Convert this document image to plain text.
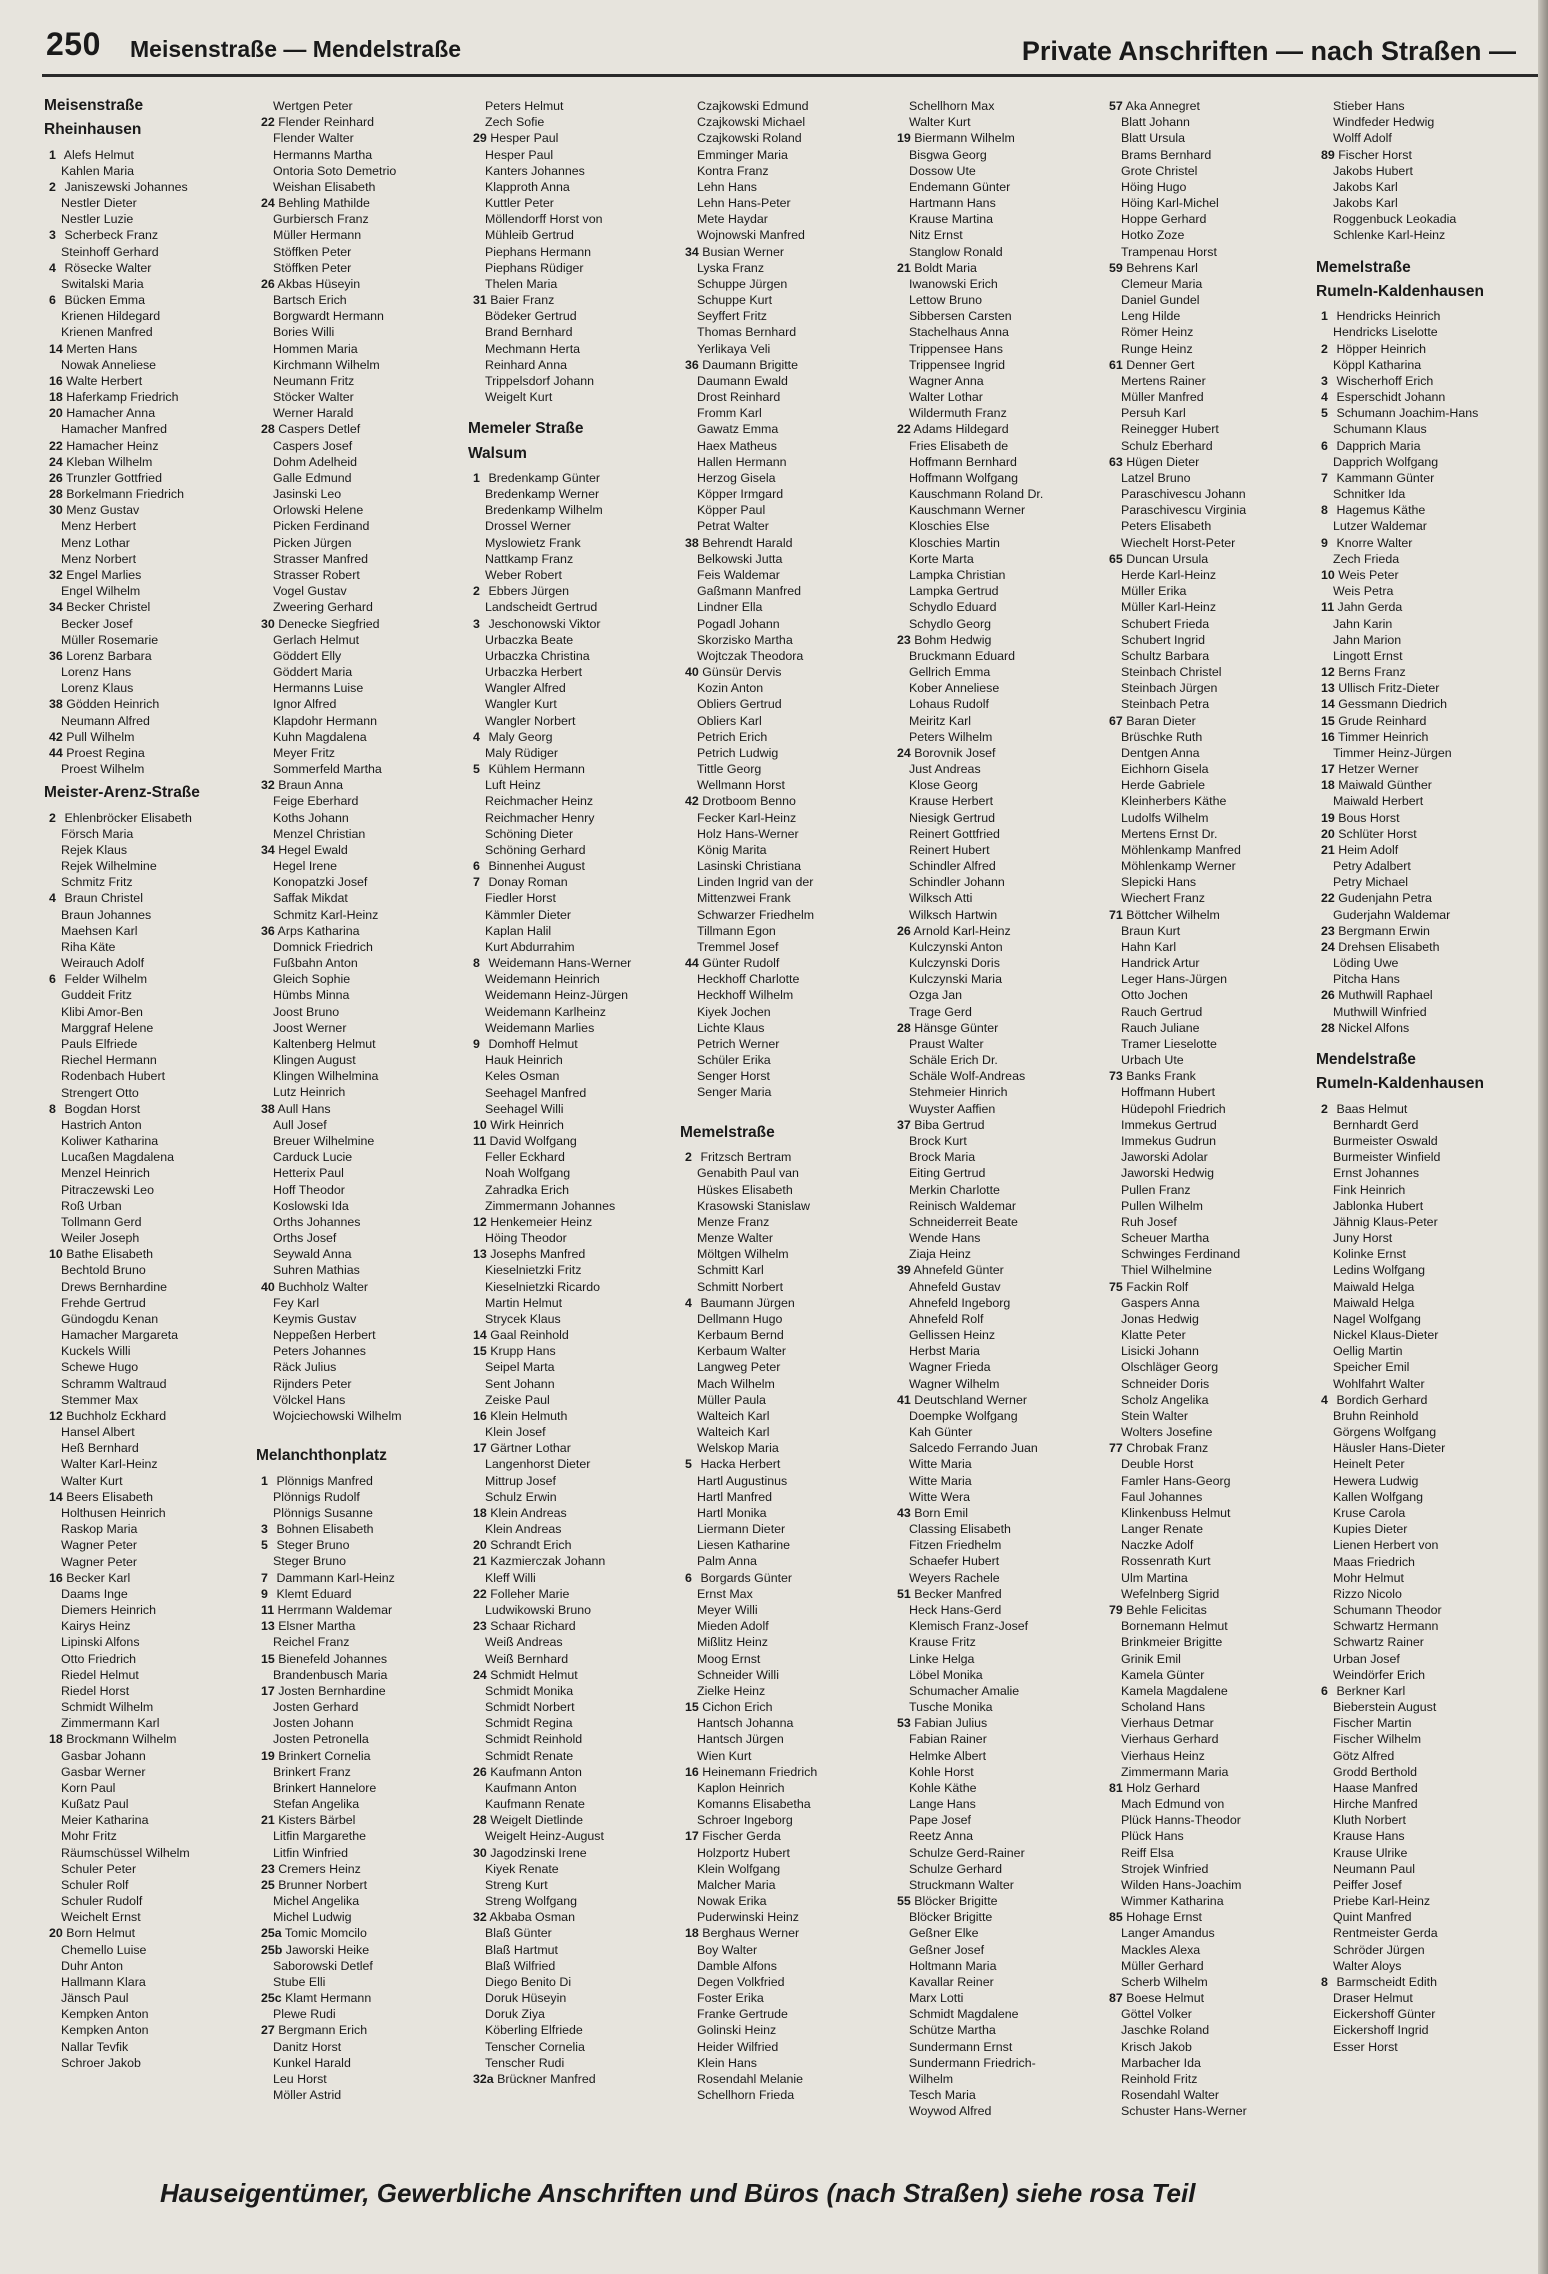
250 Meisenstraße — Mendelstraße	Private Anschriften — nach Straßen —
Meisenstraße
Rheinhausen
1 Alefs Helmut
Kahlen Maria
2 Janiszewski Johannes
Nestler Dieter
Nestler Luzie
3 Scherbeck Franz
Steinhoff Gerhard
4 Rösecke Walter
Switalski Maria
6 Bücken Emma
Krienen Hildegard
Krienen Manfred
14 Merten Hans
Nowak Anneliese
16 Walte Herbert
18 Haferkamp Friedrich
20 Hamacher Anna
Hamacher Manfred
22 Hamacher Heinz
24 Kleban Wilhelm
26 Trunzler Gottfried
28 Borkelmann Friedrich
30 Menz Gustav
Menz Herbert
Menz Lothar
Menz Norbert
32 Engel Marlies
Engel Wilhelm
34 Becker Christel
Becker Josef
Müller Rosemarie
36 Lorenz Barbara
Lorenz Hans
Lorenz Klaus
38 Gödden Heinrich
Neumann Alfred
42 Pull Wilhelm
44 Proest Regina
Proest Wilhelm
Meister-Arenz-Straße
2 Ehlenbröcker Elisabeth
Försch Maria
Rejek Klaus
Rejek Wilhelmine
Schmitz Fritz
4 Braun Christel
Braun Johannes
Maehsen Karl
Riha Käte
Weirauch Adolf
6 Felder Wilhelm
Guddeit Fritz
Klibi Amor-Ben
Marggraf Helene
Pauls Elfriede
Riechel Hermann
Rodenbach Hubert
Strengert Otto
8 Bogdan Horst
Hastrich Anton
Koliwer Katharina
Lucaßen Magdalena
Menzel Heinrich
Pitraczewski Leo
Roß Urban
Tollmann Gerd
Weiler Joseph
10 Bathe Elisabeth
Bechtold Bruno
Drews Bernhardine
Frehde Gertrud
Gündogdu Kenan
Hamacher Margareta
Kuckels Willi
Schewe Hugo
Schramm Waltraud
Stemmer Max
12 Buchholz Eckhard
Hansel Albert
Heß Bernhard
Walter Karl-Heinz
Walter Kurt
14 Beers Elisabeth
Holthusen Heinrich
Raskop Maria
Wagner Peter
Wagner Peter
16 Becker Karl
Daams Inge
Diemers Heinrich
Kairys Heinz
Lipinski Alfons
Otto Friedrich
Riedel Helmut
Riedel Horst
Schmidt Wilhelm
Zimmermann Karl
18 Brockmann Wilhelm
Gasbar Johann
Gasbar Werner
Korn Paul
Kußatz Paul
Meier Katharina
Mohr Fritz
Räumschüssel Wilhelm
Schuler Peter
Schuler Rolf
Schuler Rudolf
Weichelt Ernst
20 Born Helmut
Chemello Luise
Duhr Anton
Hallmann Klara
Jänsch Paul
Kempken Anton
Kempken Anton
Nallar Tevfik
Schroer Jakob
Wertgen Peter
22 Flender Reinhard
Flender Walter
Hermanns Martha
Ontoria Soto Demetrio
Weishan Elisabeth
24 Behling Mathilde
Gurbiersch Franz
Müller Hermann
Stöffken Peter
Stöffken Peter
26 Akbas Hüseyin
Bartsch Erich
Borgwardt Hermann
Bories Willi
Hommen Maria
Kirchmann Wilhelm
Neumann Fritz
Stöcker Walter
Werner Harald
28 Caspers Detlef
Caspers Josef
Dohm Adelheid
Galle Edmund
Jasinski Leo
Orlowski Helene
Picken Ferdinand
Picken Jürgen
Strasser Manfred
Strasser Robert
Vogel Gustav
Zweering Gerhard
30 Denecke Siegfried
Gerlach Helmut
Göddert Elly
Göddert Maria
Hermanns Luise
Ignor Alfred
Klapdohr Hermann
Kuhn Magdalena
Meyer Fritz
Sommerfeld Martha
32 Braun Anna
Feige Eberhard
Koths Johann
Menzel Christian
34 Hegel Ewald
Hegel Irene
Konopatzki Josef
Saffak Mikdat
Schmitz Karl-Heinz
36 Arps Katharina
Domnick Friedrich
Fußbahn Anton
Gleich Sophie
Hümbs Minna
Joost Bruno
Joost Werner
Kaltenberg Helmut
Klingen August
Klingen Wilhelmina
Lutz Heinrich
38 Aull Hans
Aull Josef
Breuer Wilhelmine
Carduck Lucie
Hetterix Paul
Hoff Theodor
Koslowski Ida
Orths Johannes
Orths Josef
Seywald Anna
Suhren Mathias
40 Buchholz Walter
Fey Karl
Keymis Gustav
Neppeßen Herbert
Peters Johannes
Räck Julius
Rijnders Peter
Völckel Hans
Wojciechowski Wilhelm
Melanchthonplatz
1 Plönnigs Manfred
Plönnigs Rudolf
Plönnigs Susanne
3 Bohnen Elisabeth
5 Steger Bruno
Steger Bruno
7 Dammann Karl-Heinz
9 Klemt Eduard
11 Herrmann Waldemar
13 Elsner Martha
Reichel Franz
15 Bienefeld Johannes
Brandenbusch Maria
17 Josten Bernhardine
Josten Gerhard
Josten Johann
Josten Petronella
19 Brinkert Cornelia
Brinkert Franz
Brinkert Hannelore
Stefan Angelika
21 Kisters Bärbel
Litfin Margarethe
Litfin Winfried
23 Cremers Heinz
25 Brunner Norbert
Michel Angelika
Michel Ludwig
25a Tomic Momcilo
25b Jaworski Heike
Saborowski Detlef
Stube Elli
25c Klamt Hermann
Plewe Rudi
27 Bergmann Erich
Danitz Horst
Kunkel Harald
Leu Horst
Möller Astrid
Peters Helmut
Zech Sofie
29 Hesper Paul
Hesper Paul
Kanters Johannes
Klapproth Anna
Kuttler Peter
Möllendorff Horst von
Mühleib Gertrud
Piephans Hermann
Piephans Rüdiger
Thelen Maria
31 Baier Franz
Bödeker Gertrud
Brand Bernhard
Mechmann Herta
Reinhard Anna
Trippelsdorf Johann
Weigelt Kurt
Memeler Straße
Walsum
1 Bredenkamp Günter
Bredenkamp Werner
Bredenkamp Wilhelm
Drossel Werner
Myslowietz Frank
Nattkamp Franz
Weber Robert
2 Ebbers Jürgen
Landscheidt Gertrud
3 Jeschonowski Viktor
Urbaczka Beate
Urbaczka Christina
Urbaczka Herbert
Wangler Alfred
Wangler Kurt
Wangler Norbert
4 Maly Georg
Maly Rüdiger
5 Kühlem Hermann
Luft Heinz
Reichmacher Heinz
Reichmacher Henry
Schöning Dieter
Schöning Gerhard
6 Binnenhei August
7 Donay Roman
Fiedler Horst
Kämmler Dieter
Kaplan Halil
Kurt Abdurrahim
8 Weidemann Hans-Werner
Weidemann Heinrich
Weidemann Heinz-Jürgen
Weidemann Karlheinz
Weidemann Marlies
9 Domhoff Helmut
Hauk Heinrich
Keles Osman
Seehagel Manfred
Seehagel Willi
10 Wirk Heinrich
11 David Wolfgang
Feller Eckhard
Noah Wolfgang
Zahradka Erich
Zimmermann Johannes
12 Henkemeier Heinz
Höing Theodor
13 Josephs Manfred
Kieselnietzki Fritz
Kieselnietzki Ricardo
Martin Helmut
Strycek Klaus
14 Gaal Reinhold
15 Krupp Hans
Seipel Marta
Sent Johann
Zeiske Paul
16 Klein Helmuth
Klein Josef
17 Gärtner Lothar
Langenhorst Dieter
Mittrup Josef
Schulz Erwin
18 Klein Andreas
Klein Andreas
20 Schrandt Erich
21 Kazmierczak Johann
Kleff Willi
22 Folleher Marie
Ludwikowski Bruno
23 Schaar Richard
Weiß Andreas
Weiß Bernhard
24 Schmidt Helmut
Schmidt Monika
Schmidt Norbert
Schmidt Regina
Schmidt Reinhold
Schmidt Renate
26 Kaufmann Anton
Kaufmann Anton
Kaufmann Renate
28 Weigelt Dietlinde
Weigelt Heinz-August
30 Jagodzinski Irene
Kiyek Renate
Streng Kurt
Streng Wolfgang
32 Akbaba Osman
Blaß Günter
Blaß Hartmut
Blaß Wilfried
Diego Benito Di
Doruk Hüseyin
Doruk Ziya
Köberling Elfriede
Tenscher Cornelia
Tenscher Rudi
32a Brückner Manfred
Czajkowski Edmund
Czajkowski Michael
Czajkowski Roland
Emminger Maria
Kontra Franz
Lehn Hans
Lehn Hans-Peter
Mete Haydar
Wojnowski Manfred
34 Busian Werner
Lyska Franz
Schuppe Jürgen
Schuppe Kurt
Seyffert Fritz
Thomas Bernhard
Yerlikaya Veli
36 Daumann Brigitte
Daumann Ewald
Drost Reinhard
Fromm Karl
Gawatz Emma
Haex Matheus
Hallen Hermann
Herzog Gisela
Köpper Irmgard
Köpper Paul
Petrat Walter
38 Behrendt Harald
Belkowski Jutta
Feis Waldemar
Gaßmann Manfred
Lindner Ella
Pogadl Johann
Skorzisko Martha
Wojtczak Theodora
40 Günsür Dervis
Kozin Anton
Obliers Gertrud
Obliers Karl
Petrich Erich
Petrich Ludwig
Tittle Georg
Wellmann Horst
42 Drotboom Benno
Fecker Karl-Heinz
Holz Hans-Werner
König Marita
Lasinski Christiana
Linden Ingrid van der
Mittenzwei Frank
Schwarzer Friedhelm
Tillmann Egon
Tremmel Josef
44 Günter Rudolf
Heckhoff Charlotte
Heckhoff Wilhelm
Kiyek Jochen
Lichte Klaus
Petrich Werner
Schüler Erika
Senger Horst
Senger Maria
Memelstraße
2 Fritzsch Bertram
Genabith Paul van
Hüskes Elisabeth
Krasowski Stanislaw
Menze Franz
Menze Walter
Möltgen Wilhelm
Schmitt Karl
Schmitt Norbert
4 Baumann Jürgen
Dellmann Hugo
Kerbaum Bernd
Kerbaum Walter
Langweg Peter
Mach Wilhelm
Müller Paula
Walteich Karl
Walteich Karl
Welskop Maria
5 Hacka Herbert
Hartl Augustinus
Hartl Manfred
Hartl Monika
Liermann Dieter
Liesen Katharine
Palm Anna
6 Borgards Günter
Ernst Max
Meyer Willi
Mieden Adolf
Mißlitz Heinz
Moog Ernst
Schneider Willi
Zielke Heinz
15 Cichon Erich
Hantsch Johanna
Hantsch Jürgen
Wien Kurt
16 Heinemann Friedrich
Kaplon Heinrich
Komanns Elisabetha
Schroer Ingeborg
17 Fischer Gerda
Holzportz Hubert
Klein Wolfgang
Malcher Maria
Nowak Erika
Puderwinski Heinz
18 Berghaus Werner
Boy Walter
Damble Alfons
Degen Volkfried
Foster Erika
Franke Gertrude
Golinski Heinz
Heider Wilfried
Klein Hans
Rosendahl Melanie
Schellhorn Frieda
Schellhorn Max
Walter Kurt
19 Biermann Wilhelm
Bisgwa Georg
Dossow Ute
Endemann Günter
Hartmann Hans
Krause Martina
Nitz Ernst
Stanglow Ronald
21 Boldt Maria
Iwanowski Erich
Lettow Bruno
Sibbersen Carsten
Stachelhaus Anna
Trippensee Hans
Trippensee Ingrid
Wagner Anna
Walter Lothar
Wildermuth Franz
22 Adams Hildegard
Fries Elisabeth de
Hoffmann Bernhard
Hoffmann Wolfgang
Kauschmann Roland Dr.
Kauschmann Werner
Kloschies Else
Kloschies Martin
Korte Marta
Lampka Christian
Lampka Gertrud
Schydlo Eduard
Schydlo Georg
23 Bohm Hedwig
Bruckmann Eduard
Gellrich Emma
Kober Anneliese
Lohaus Rudolf
Meiritz Karl
Peters Wilhelm
24 Borovnik Josef
Just Andreas
Klose Georg
Krause Herbert
Niesigk Gertrud
Reinert Gottfried
Reinert Hubert
Schindler Alfred
Schindler Johann
Wilksch Atti
Wilksch Hartwin
26 Arnold Karl-Heinz
Kulczynski Anton
Kulczynski Doris
Kulczynski Maria
Ozga Jan
Trage Gerd
28 Hänsge Günter
Praust Walter
Schäle Erich Dr.
Schäle Wolf-Andreas
Stehmeier Hinrich
Wuyster Aaffien
37 Biba Gertrud
Brock Kurt
Brock Maria
Eiting Gertrud
Merkin Charlotte
Reinisch Waldemar
Schneiderreit Beate
Wende Hans
Ziaja Heinz
39 Ahnefeld Günter
Ahnefeld Gustav
Ahnefeld Ingeborg
Ahnefeld Rolf
Gellissen Heinz
Herbst Maria
Wagner Frieda
Wagner Wilhelm
41 Deutschland Werner
Doempke Wolfgang
Kah Günter
Salcedo Ferrando Juan
Witte Maria
Witte Maria
Witte Wera
43 Born Emil
Classing Elisabeth
Fitzen Friedhelm
Schaefer Hubert
Weyers Rachele
51 Becker Manfred
Heck Hans-Gerd
Klemisch Franz-Josef
Krause Fritz
Linke Helga
Löbel Monika
Schumacher Amalie
Tusche Monika
53 Fabian Julius
Fabian Rainer
Helmke Albert
Kohle Horst
Kohle Käthe
Lange Hans
Pape Josef
Reetz Anna
Schulze Gerd-Rainer
Schulze Gerhard
Struckmann Walter
55 Blöcker Brigitte
Blöcker Brigitte
Geßner Elke
Geßner Josef
Holtmann Maria
Kavallar Reiner
Marx Lotti
Schmidt Magdalene
Schütze Martha
Sundermann Ernst
Sundermann Friedrich-
Wilhelm
Tesch Maria
Woywod Alfred
57 Aka Annegret
Blatt Johann
Blatt Ursula
Brams Bernhard
Grote Christel
Höing Hugo
Höing Karl-Michel
Hoppe Gerhard
Hotko Zoze
Trampenau Horst
59 Behrens Karl
Clemeur Maria
Daniel Gundel
Leng Hilde
Römer Heinz
Runge Heinz
61 Denner Gert
Mertens Rainer
Müller Manfred
Persuh Karl
Reinegger Hubert
Schulz Eberhard
63 Hügen Dieter
Latzel Bruno
Paraschivescu Johann
Paraschivescu Virginia
Peters Elisabeth
Wiechelt Horst-Peter
65 Duncan Ursula
Herde Karl-Heinz
Müller Erika
Müller Karl-Heinz
Schubert Frieda
Schubert Ingrid
Schultz Barbara
Steinbach Christel
Steinbach Jürgen
Steinbach Petra
67 Baran Dieter
Brüschke Ruth
Dentgen Anna
Eichhorn Gisela
Herde Gabriele
Kleinherbers Käthe
Ludolfs Wilhelm
Mertens Ernst Dr.
Möhlenkamp Manfred
Möhlenkamp Werner
Slepicki Hans
Wiechert Franz
71 Böttcher Wilhelm
Braun Kurt
Hahn Karl
Handrick Artur
Leger Hans-Jürgen
Otto Jochen
Rauch Gertrud
Rauch Juliane
Tramer Lieselotte
Urbach Ute
73 Banks Frank
Hoffmann Hubert
Hüdepohl Friedrich
Immekus Gertrud
Immekus Gudrun
Jaworski Adolar
Jaworski Hedwig
Pullen Franz
Pullen Wilhelm
Ruh Josef
Scheuer Martha
Schwinges Ferdinand
Thiel Wilhelmine
75 Fackin Rolf
Gaspers Anna
Jonas Hedwig
Klatte Peter
Lisicki Johann
Olschläger Georg
Schneider Doris
Scholz Angelika
Stein Walter
Wolters Josefine
77 Chrobak Franz
Deuble Horst
Famler Hans-Georg
Faul Johannes
Klinkenbuss Helmut
Langer Renate
Naczke Adolf
Rossenrath Kurt
Ulm Martina
Wefelnberg Sigrid
79 Behle Felicitas
Bornemann Helmut
Brinkmeier Brigitte
Grinik Emil
Kamela Günter
Kamela Magdalene
Scholand Hans
Vierhaus Detmar
Vierhaus Gerhard
Vierhaus Heinz
Zimmermann Maria
81 Holz Gerhard
Mach Edmund von
Plück Hanns-Theodor
Plück Hans
Reiff Elsa
Strojek Winfried
Wilden Hans-Joachim
Wimmer Katharina
85 Hohage Ernst
Langer Amandus
Mackles Alexa
Müller Gerhard
Scherb Wilhelm
87 Boese Helmut
Göttel Volker
Jaschke Roland
Krisch Jakob
Marbacher Ida
Reinhold Fritz
Rosendahl Walter
Schuster Hans-Werner
Stieber Hans
Windfeder Hedwig
Wolff Adolf
89 Fischer Horst
Jakobs Hubert
Jakobs Karl
Jakobs Karl
Roggenbuck Leokadia
Schlenke Karl-Heinz
Memelstraße
Rumeln-Kaldenhausen
1 Hendricks Heinrich
Hendricks Liselotte
2 Höpper Heinrich
Köppl Katharina
3 Wischerhoff Erich
4 Esperschidt Johann
5 Schumann Joachim-Hans
Schumann Klaus
6 Dapprich Maria
Dapprich Wolfgang
7 Kammann Günter
Schnitker Ida
8 Hagemus Käthe
Lutzer Waldemar
9 Knorre Walter
Zech Frieda
10 Weis Peter
Weis Petra
11 Jahn Gerda
Jahn Karin
Jahn Marion
Lingott Ernst
12 Berns Franz
13 Ullisch Fritz-Dieter
14 Gessmann Diedrich
15 Grude Reinhard
16 Timmer Heinrich
Timmer Heinz-Jürgen
17 Hetzer Werner
18 Maiwald Günther
Maiwald Herbert
19 Bous Horst
20 Schlüter Horst
21 Heim Adolf
Petry Adalbert
Petry Michael
22 Gudenjahn Petra
Guderjahn Waldemar
23 Bergmann Erwin
24 Drehsen Elisabeth
Löding Uwe
Pitcha Hans
26 Muthwill Raphael
Muthwill Winfried
28 Nickel Alfons
Mendelstraße
Rumeln-Kaldenhausen
2 Baas Helmut
Bernhardt Gerd
Burmeister Oswald
Burmeister Winfield
Ernst Johannes
Fink Heinrich
Jablonka Hubert
Jähnig Klaus-Peter
Juny Horst
Kolinke Ernst
Ledins Wolfgang
Maiwald Helga
Maiwald Helga
Nagel Wolfgang
Nickel Klaus-Dieter
Oellig Martin
Speicher Emil
Wohlfahrt Walter
4 Bordich Gerhard
Bruhn Reinhold
Görgens Wolfgang
Häusler Hans-Dieter
Heinelt Peter
Hewera Ludwig
Kallen Wolfgang
Kruse Carola
Kupies Dieter
Lienen Herbert von
Maas Friedrich
Mohr Helmut
Rizzo Nicolo
Schumann Theodor
Schwartz Hermann
Schwartz Rainer
Urban Josef
Weindörfer Erich
6 Berkner Karl
Bieberstein August
Fischer Martin
Fischer Wilhelm
Götz Alfred
Grodd Berthold
Haase Manfred
Hirche Manfred
Kluth Norbert
Krause Hans
Krause Ulrike
Neumann Paul
Peiffer Josef
Priebe Karl-Heinz
Quint Manfred
Rentmeister Gerda
Schröder Jürgen
Walter Aloys
8 Barmscheidt Edith
Draser Helmut
Eickershoff Günter
Eickershoff Ingrid
Esser Horst
Hauseigentümer, Gewerbliche Anschriften und Büros (nach Straßen) siehe rosa Teil
